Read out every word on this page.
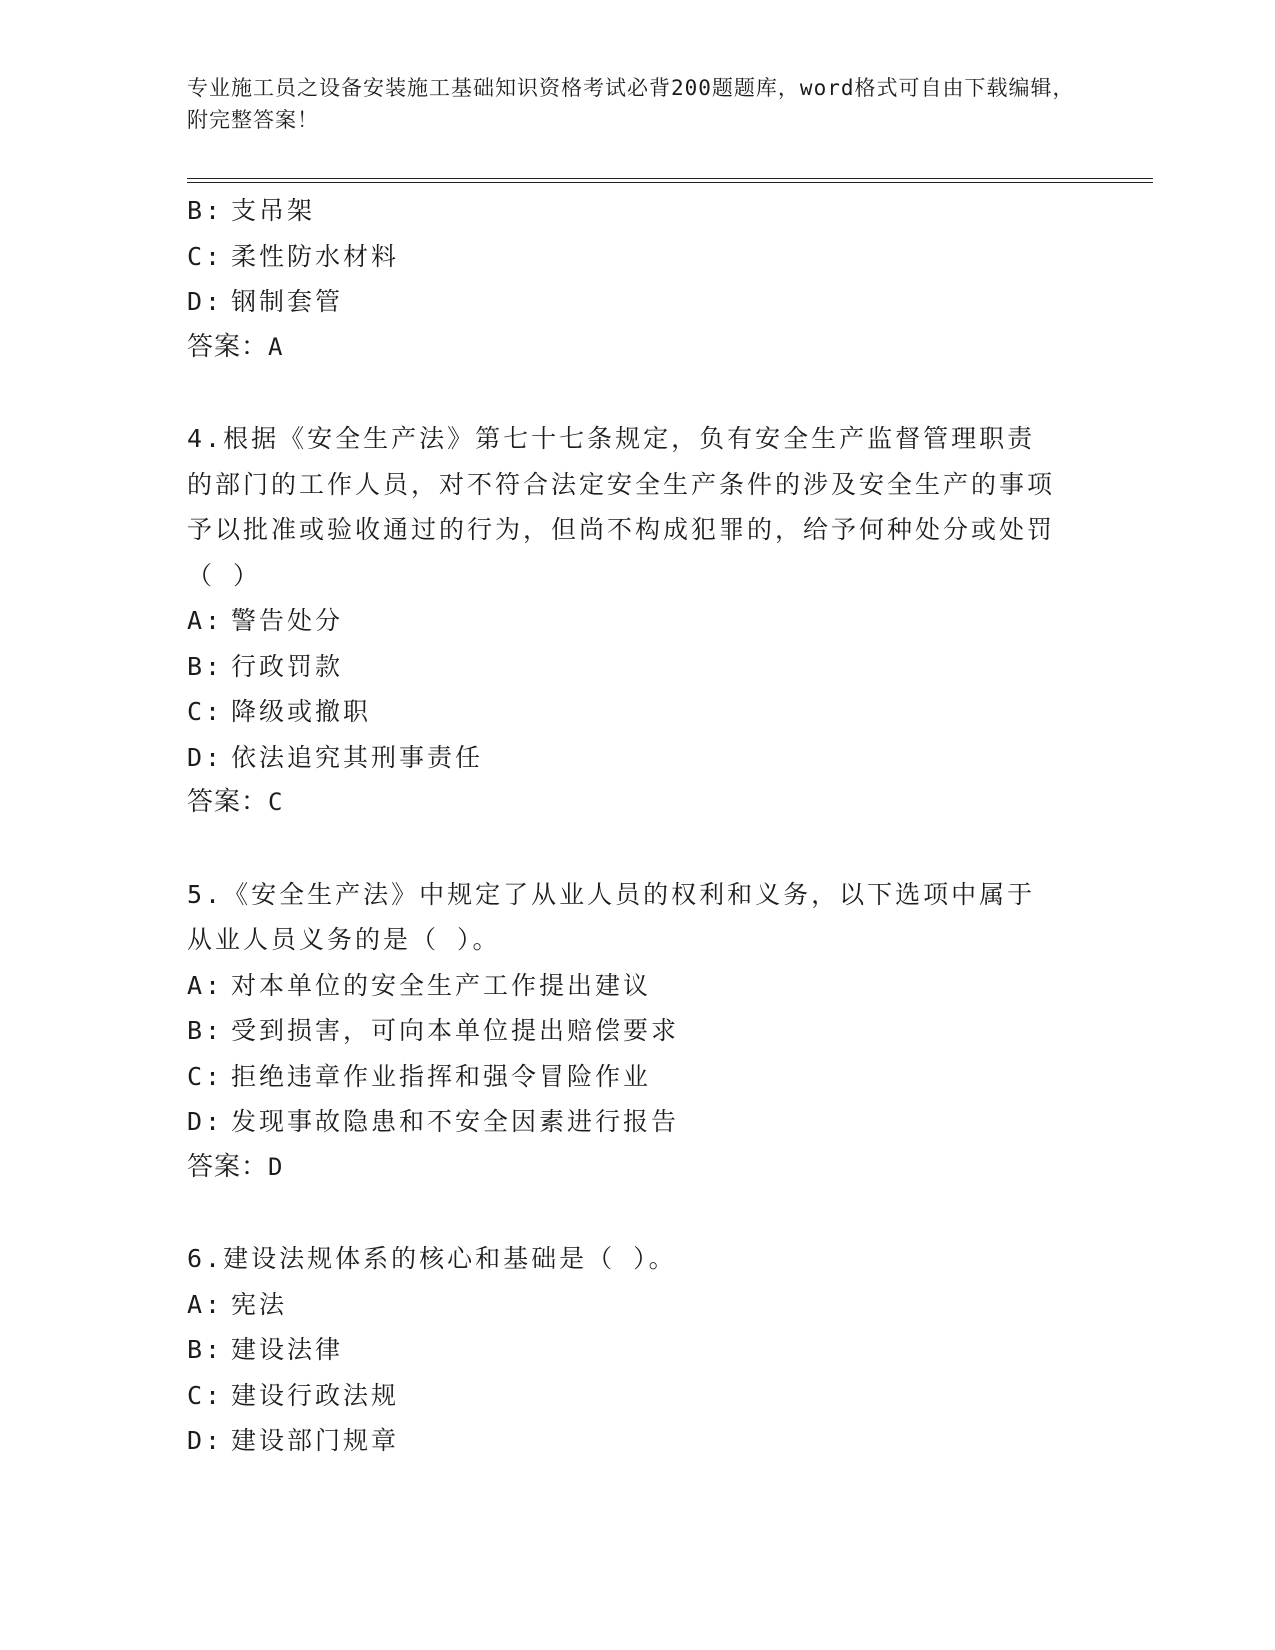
专业施工员之设备安装施工基础知识资格考试必背200题题库，word格式可自由下载编辑，附完整答案！
B: 支吊架
C: 柔性防水材料
D: 钢制套管
答案：A
4.根据《安全生产法》第七十七条规定，负有安全生产监督管理职责的部门的工作人员，对不符合法定安全生产条件的涉及安全生产的事项予以批准或验收通过的行为，但尚不构成犯罪的，给予何种处分或处罚（ ）
A: 警告处分
B: 行政罚款
C: 降级或撤职
D: 依法追究其刑事责任
答案：C
5.《安全生产法》中规定了从业人员的权利和义务，以下选项中属于从业人员义务的是（ ）。
A: 对本单位的安全生产工作提出建议
B: 受到损害，可向本单位提出赔偿要求
C: 拒绝违章作业指挥和强令冒险作业
D: 发现事故隐患和不安全因素进行报告
答案：D
6.建设法规体系的核心和基础是（ ）。
A: 宪法
B: 建设法律
C: 建设行政法规
D: 建设部门规章
